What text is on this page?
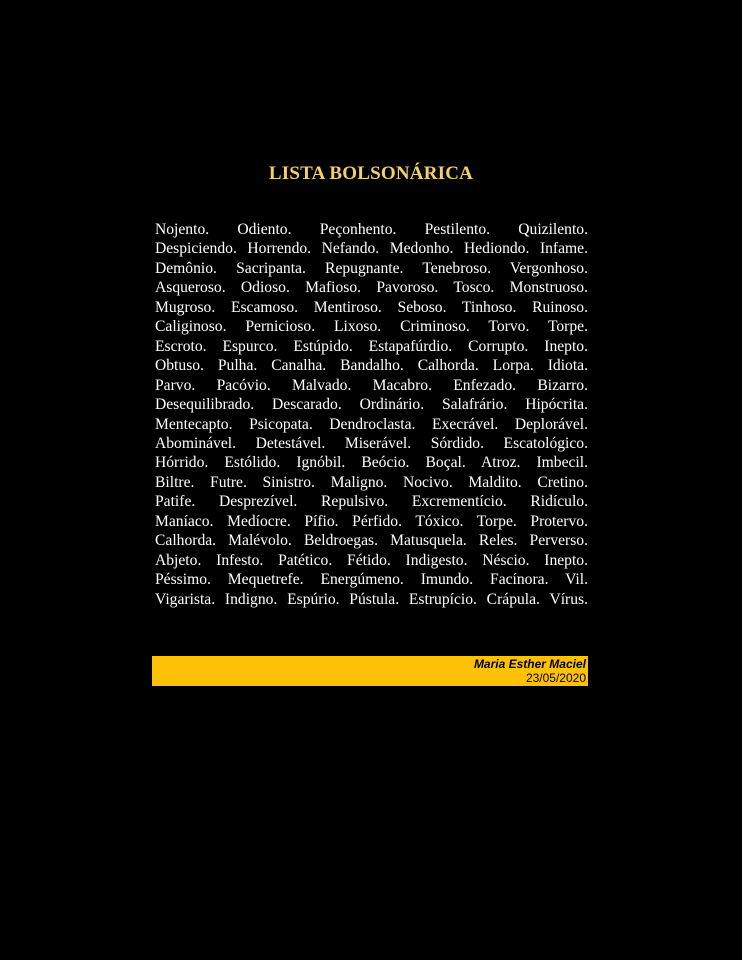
LISTA BOLSONÁRICA
Nojento. Odiento. Peçonhento. Pestilento. Quizilento.
Despiciendo. Horrendo. Nefando. Medonho. Hediondo. Infame.
Demônio. Sacripanta. Repugnante. Tenebroso. Vergonhoso.
Asqueroso. Odioso. Mafioso. Pavoroso. Tosco. Monstruoso.
Mugroso. Escamoso. Mentiroso. Seboso. Tinhoso. Ruinoso.
Caliginoso. Pernicioso. Lixoso. Criminoso. Torvo. Torpe.
Escroto. Espurco. Estúpido. Estapafúrdio. Corrupto. Inepto.
Obtuso. Pulha. Canalha. Bandalho. Calhorda. Lorpa. Idiota.
Parvo. Pacóvio. Malvado. Macabro. Enfezado. Bizarro.
Desequilibrado. Descarado. Ordinário. Salafrário. Hipócrita.
Mentecapto. Psicopata. Dendroclasta. Execrável. Deplorável.
Abominável. Detestável. Miserável. Sórdido. Escatológico.
Hórrido. Estólido. Ignóbil. Beócio. Boçal. Atroz. Imbecil.
Biltre. Futre. Sinistro. Maligno. Nocivo. Maldito. Cretino.
Patife. Desprezível. Repulsivo. Excrementício. Ridículo.
Maníaco. Medíocre. Pífio. Pérfido. Tóxico. Torpe. Protervo.
Calhorda. Malévolo. Beldroegas. Matusquela. Reles. Perverso.
Abjeto. Infesto. Patético. Fétido. Indigesto. Néscio. Inepto.
Péssimo. Mequetrefe. Energúmeno. Imundo. Facínora. Vil.
Vigarista. Indigno. Espúrio. Pústula. Estrupício. Crápula. Vírus.
Maria Esther Maciel
23/05/2020
